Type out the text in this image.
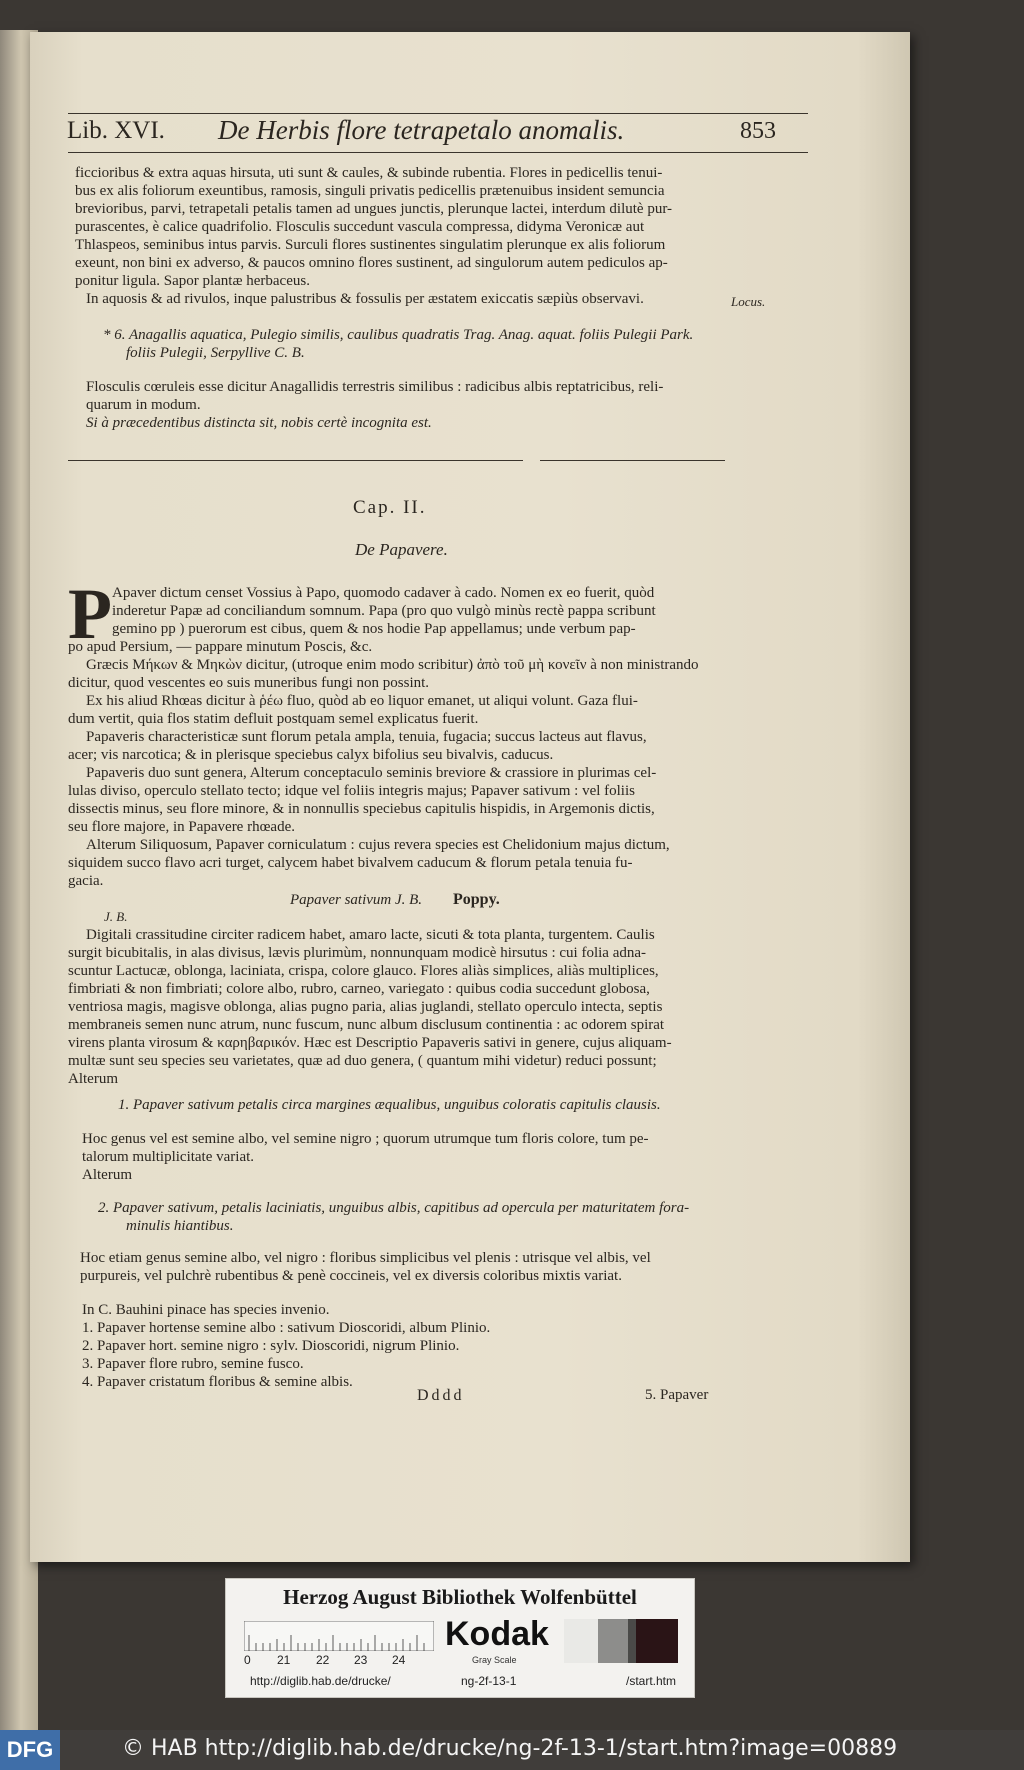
Lib. XVI. De Herbis flore tetrapetalo anomalis.	853
ficcioribus & extra aquas hirsuta, uti sunt & caules, & subinde rubentia. Flores in pedicellis tenui-
bus ex alis foliorum exeuntibus, ramosis, singuli privatis pedicellis prætenuibus insident semuncia
brevioribus, parvi, tetrapetali petalis tamen ad ungues junctis, plerunque lactei, interdum dilutè pur-
purascentes, è calice quadrifolio. Flosculis succedunt vascula compressa, didyma Veronicæ aut
Thlaspeos, seminibus intus parvis. Surculi flores sustinentes singulatim plerunque ex alis foliorum
exeunt, non bini ex adverso, & paucos omnino flores sustinent, ad singulorum autem pediculos ap-
ponitur ligula. Sapor plantæ herbaceus.
In aquosis & ad rivulos, inque palustribus & fossulis per æstatem exiccatis sæpiùs observavi.	Locus.
* 6. Anagallis aquatica, Pulegio similis, caulibus quadratis Trag. Anag. aquat. foliis Pulegii Park.
foliis Pulegii, Serpyllive C. B.
Flosculis cœruleis esse dicitur Anagallidis terrestris similibus : radicibus albis reptatricibus, reli-
quarum in modum.
Si à præcedentibus distincta sit, nobis certè incognita est.
Cap. II.
De Papavere.
P Apaver dictum censet Vossius à Papo, quomodo cadaver à cado. Nomen ex eo fuerit, quòd
inderetur Papæ ad conciliandum somnum. Papa (pro quo vulgò minùs rectè pappa scribunt
gemino pp ) puerorum est cibus, quem & nos hodie Pap appellamus; unde verbum pap-
po apud Persium, — pappare minutum Poscis, &c.
Græcis Μήκων & Μηκὼν dicitur, (utroque enim modo scribitur) ἀπὸ τοῦ μὴ κονεῖν à non ministrando
dicitur, quod vescentes eo suis muneribus fungi non possint.
Ex his aliud Rhœas dicitur à ῥέω fluo, quòd ab eo liquor emanet, ut aliqui volunt. Gaza flui-
dum vertit, quia flos statim defluit postquam semel explicatus fuerit.
Papaveris characteristicæ sunt florum petala ampla, tenuia, fugacia; succus lacteus aut flavus,
acer; vis narcotica; & in plerisque speciebus calyx bifolius seu bivalvis, caducus.
Papaveris duo sunt genera, Alterum conceptaculo seminis breviore & crassiore in plurimas cel-
lulas diviso, operculo stellato tecto; idque vel foliis integris majus; Papaver sativum : vel foliis
dissectis minus, seu flore minore, & in nonnullis speciebus capitulis hispidis, in Argemonis dictis,
seu flore majore, in Papavere rhœade.
Alterum Siliquosum, Papaver corniculatum : cujus revera species est Chelidonium majus dictum,
siquidem succo flavo acri turget, calycem habet bivalvem caducum & florum petala tenuia fu-
gacia.
Papaver sativum J. B. Poppy.
J. B.
Digitali crassitudine circiter radicem habet, amaro lacte, sicuti & tota planta, turgentem. Caulis
surgit bicubitalis, in alas divisus, lævis plurimùm, nonnunquam modicè hirsutus : cui folia adna-
scuntur Lactucæ, oblonga, laciniata, crispa, colore glauco. Flores aliàs simplices, aliàs multiplices,
fimbriati & non fimbriati; colore albo, rubro, carneo, variegato : quibus codia succedunt globosa,
ventriosa magis, magisve oblonga, alias pugno paria, alias juglandi, stellato operculo intecta, septis
membraneis semen nunc atrum, nunc fuscum, nunc album disclusum continentia : ac odorem spirat
virens planta virosum & καρηβαρικόν. Hæc est Descriptio Papaveris sativi in genere, cujus aliquam-
multæ sunt seu species seu varietates, quæ ad duo genera, ( quantum mihi videtur) reduci possunt;
Alterum
1. Papaver sativum petalis circa margines æqualibus, unguibus coloratis capitulis clausis.
Hoc genus vel est semine albo, vel semine nigro ; quorum utrumque tum floris colore, tum pe-
talorum multiplicitate variat.
Alterum
2. Papaver sativum, petalis laciniatis, unguibus albis, capitibus ad opercula per maturitatem fora-
minulis hiantibus.
Hoc etiam genus semine albo, vel nigro : floribus simplicibus vel plenis : utrisque vel albis, vel
purpureis, vel pulchrè rubentibus & penè coccineis, vel ex diversis coloribus mixtis variat.
In C. Bauhini pinace has species invenio.
1. Papaver hortense semine albo : sativum Dioscoridi, album Plinio.
2. Papaver hort. semine nigro : sylv. Dioscoridi, nigrum Plinio.
3. Papaver flore rubro, semine fusco.
4. Papaver cristatum floribus & semine albis.
Dddd	5. Papaver
Herzog August Bibliothek Wolfenbüttel
0 21 22 23 24
Kodak
Gray Scale
http://diglib.hab.de/drucke/	ng-2f-13-1	/start.htm
DFG	© HAB http://diglib.hab.de/drucke/ng-2f-13-1/start.htm?image=00889
